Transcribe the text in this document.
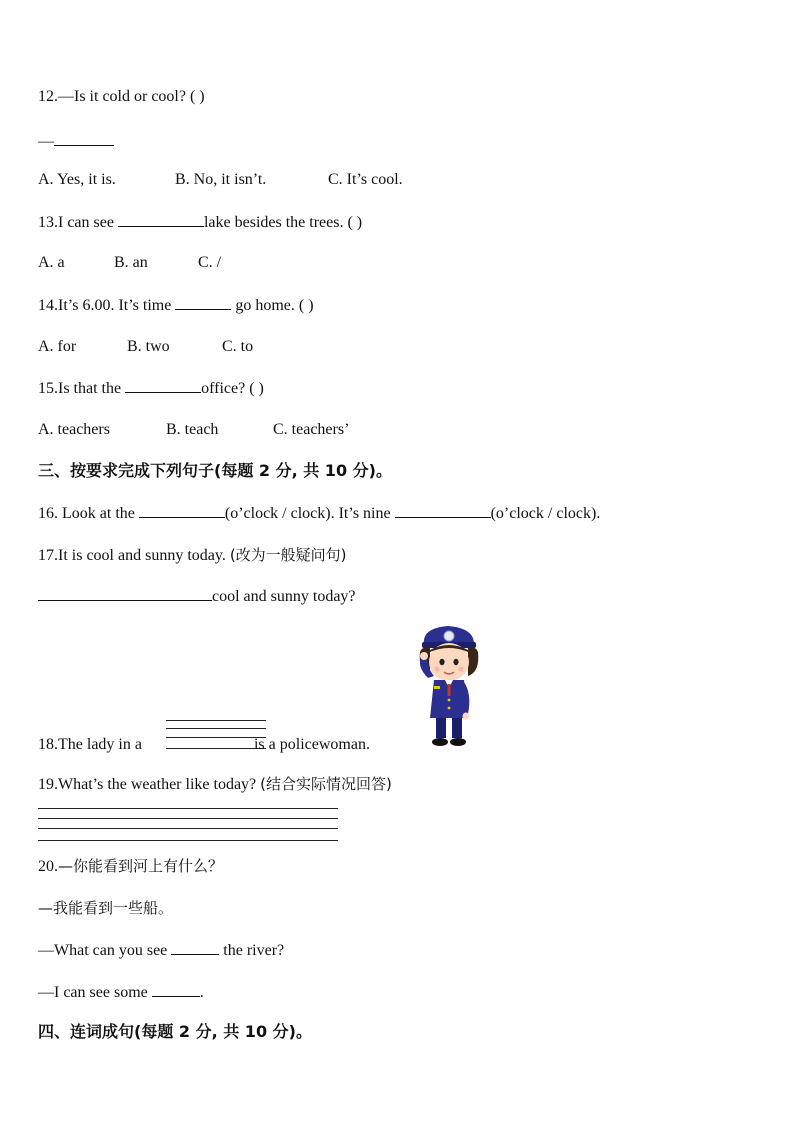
12.—Is it cold or cool? ( )
—
A. Yes, it is.	B. No, it isn’t.	C. It’s cool.
13.I can see	lake besides the trees. ( )
A. a	B. an	C. /
14.It’s 6.00. It’s time	go home. ( )
A. for	B. two	C. to
15.Is that the	office? ( )
A. teachers	B. teach	C. teachers’
三、按要求完成下列句子(每题 2 分, 共 10 分)。
16. Look at the	(o’clock / clock). It’s nine	(o’clock / clock).
17.It is cool and sunny today. (改为一般疑问句)
cool and sunny today?
18.The lady in a	is a policewoman.
19.What’s the weather like today? (结合实际情况回答)
20.—你能看到河上有什么？
—我能看到一些船。
—What can you see	the river?
—I can see some	.
四、连词成句(每题 2 分, 共 10 分)。
